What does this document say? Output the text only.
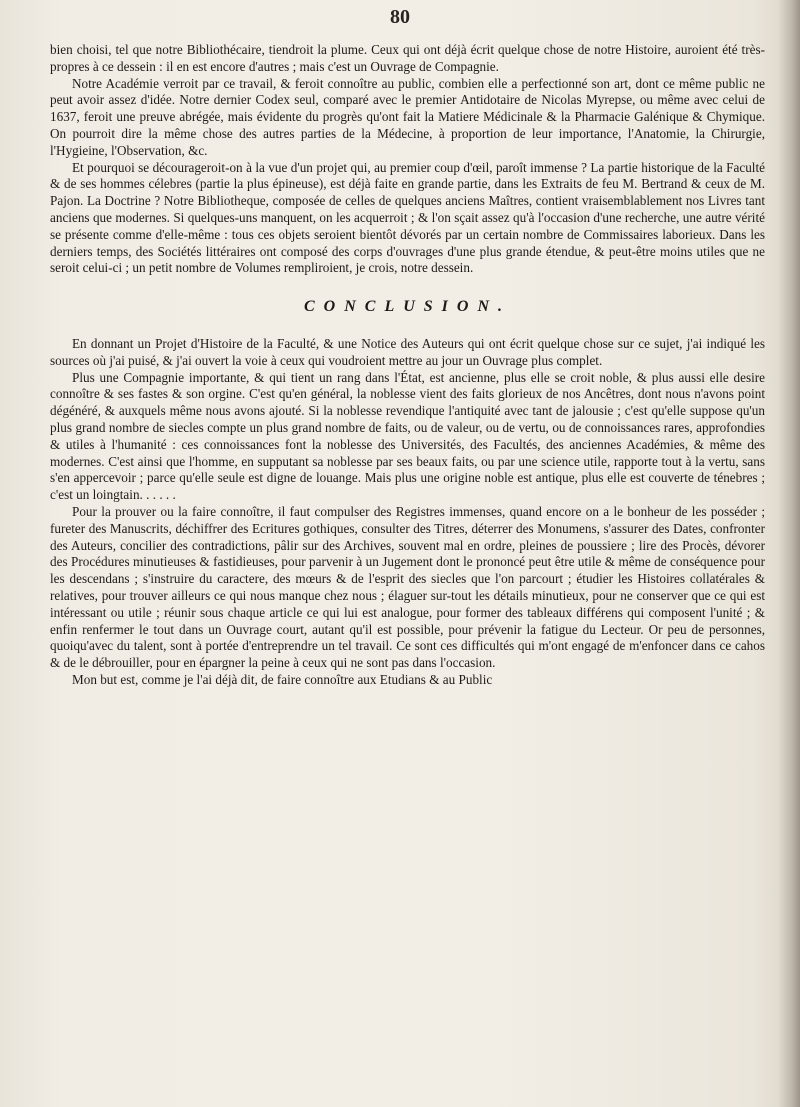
80

bien choisi, tel que notre Bibliothécaire, tiendroit la plume. Ceux qui ont déjà écrit quelque chose de notre Histoire, auroient été très-propres à ce dessein : il en est encore d'autres ; mais c'est un Ouvrage de Compagnie.

Notre Académie verroit par ce travail, & feroit connoître au public, combien elle a perfectionné son art, dont ce même public ne peut avoir assez d'idée. Notre dernier Codex seul, comparé avec le premier Antidotaire de Nicolas Myrepse, ou même avec celui de 1637, feroit une preuve abrégée, mais évidente du progrès qu'ont fait la Matiere Médicinale & la Pharmacie Galénique & Chymique. On pourroit dire la même chose des autres parties de la Médecine, à proportion de leur importance, l'Anatomie, la Chirurgie, l'Hygieine, l'Observation, &c.

Et pourquoi se décourageroit-on à la vue d'un projet qui, au premier coup d'œil, paroît immense ? La partie historique de la Faculté & de ses hommes célebres (partie la plus épineuse), est déjà faite en grande partie, dans les Extraits de feu M. Bertrand & ceux de M. Pajon. La Doctrine ? Notre Bibliotheque, composée de celles de quelques anciens Maîtres, contient vraisemblablement nos Livres tant anciens que modernes. Si quelques-uns manquent, on les acquerroit ; & l'on sçait assez qu'à l'occasion d'une recherche, une autre vérité se présente comme d'elle-même : tous ces objets seroient bientôt dévorés par un certain nombre de Commissaires laborieux. Dans les derniers temps, des Sociétés littéraires ont composé des corps d'ouvrages d'une plus grande étendue, & peut-être moins utiles que ne seroit celui-ci ; un petit nombre de Volumes rempliroient, je crois, notre dessein.

CONCLUSION.

En donnant un Projet d'Histoire de la Faculté, & une Notice des Auteurs qui ont écrit quelque chose sur ce sujet, j'ai indiqué les sources où j'ai puisé, & j'ai ouvert la voie à ceux qui voudroient mettre au jour un Ouvrage plus complet.

Plus une Compagnie importante, & qui tient un rang dans l'État, est ancienne, plus elle se croit noble, & plus aussi elle desire connoître & ses fastes & son orgine. C'est qu'en général, la noblesse vient des faits glorieux de nos Ancêtres, dont nous n'avons point dégénéré, & auxquels même nous avons ajouté. Si la noblesse revendique l'antiquité avec tant de jalousie ; c'est qu'elle suppose qu'un plus grand nombre de siecles compte un plus grand nombre de faits, ou de valeur, ou de vertu, ou de connoissances rares, approfondies & utiles à l'humanité : ces connoissances font la noblesse des Universités, des Facultés, des anciennes Académies, & même des modernes. C'est ainsi que l'homme, en supputant sa noblesse par ses beaux faits, ou par une science utile, rapporte tout à la vertu, sans s'en appercevoir ; parce qu'elle seule est digne de louange. Mais plus une origine noble est antique, plus elle est couverte de ténebres ; c'est un loingtain. . . . . .

Pour la prouver ou la faire connoître, il faut compulser des Registres immenses, quand encore on a le bonheur de les posséder ; fureter des Manuscrits, déchiffrer des Ecritures gothiques, consulter des Titres, déterrer des Monumens, s'assurer des Dates, confronter des Auteurs, concilier des contradictions, pâlir sur des Archives, souvent mal en ordre, pleines de poussiere ; lire des Procès, dévorer des Procédures minutieuses & fastidieuses, pour parvenir à un Jugement dont le prononcé peut être utile & même de conséquence pour les descendans ; s'instruire du caractere, des mœurs & de l'esprit des siecles que l'on parcourt ; étudier les Histoires collatérales & relatives, pour trouver ailleurs ce qui nous manque chez nous ; élaguer sur-tout les détails minutieux, pour ne conserver que ce qui est intéressant ou utile ; réunir sous chaque article ce qui lui est analogue, pour former des tableaux différens qui composent l'unité ; & enfin renfermer le tout dans un Ouvrage court, autant qu'il est possible, pour prévenir la fatigue du Lecteur. Or peu de personnes, quoiqu'avec du talent, sont à portée d'entreprendre un tel travail. Ce sont ces difficultés qui m'ont engagé de m'enfoncer dans ce cahos & de le débrouiller, pour en épargner la peine à ceux qui ne sont pas dans l'occasion.

Mon but est, comme je l'ai déjà dit, de faire connoître aux Etudians & au Public
